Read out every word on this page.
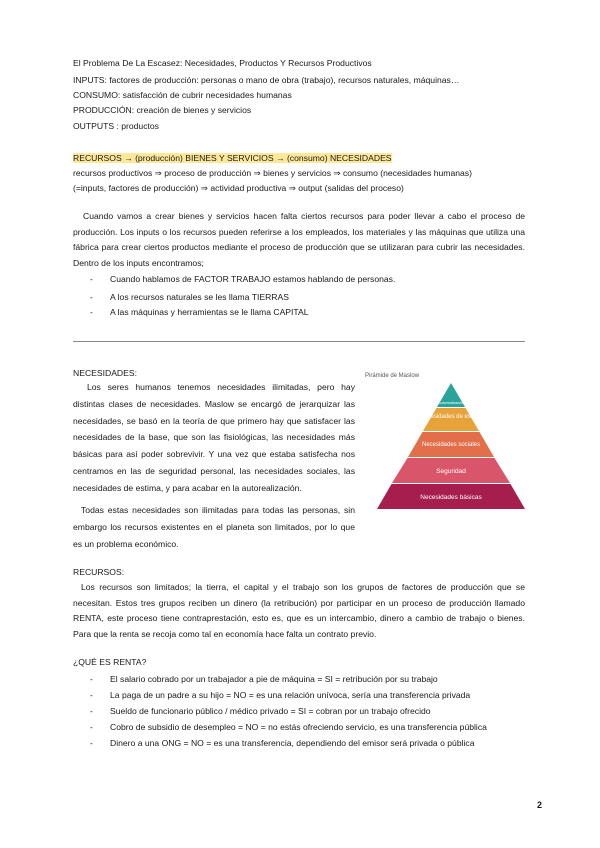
El Problema De La Escasez: Necesidades, Productos Y Recursos Productivos
INPUTS: factores de producción: personas o mano de obra (trabajo), recursos naturales, máquinas…
CONSUMO: satisfacción de cubrir necesidades humanas
PRODUCCIÓN: creación de bienes y servicios
OUTPUTS : productos
RECURSOS → (producción) BIENES Y SERVICIOS → (consumo) NECESIDADES
recursos productivos ⇒ proceso de producción ⇒ bienes y servicios ⇒ consumo (necesidades humanas)
(=inputs, factores de producción) ⇒ actividad productiva ⇒ output (salidas del proceso)
Cuando vamos a crear bienes y servicios hacen falta ciertos recursos para poder llevar a cabo el proceso de producción. Los inputs o los recursos pueden referirse a los empleados, los materiales y las máquinas que utiliza una fábrica para crear ciertos productos mediante el proceso de producción que se utilizaran para cubrir las necesidades. Dentro de los inputs encontramos;
- Cuando hablamos de FACTOR TRABAJO estamos hablando de personas.
- A los recursos naturales se les llama TIERRAS
- A las máquinas y herramientas se le llama CAPITAL
NECESIDADES:
Los seres humanos tenemos necesidades ilimitadas, pero hay distintas clases de necesidades. Maslow se encargó de jerarquizar las necesidades, se basó en la teoría de que primero hay que satisfacer las necesidades de la base, que son las fisiológicas, las necesidades más básicas para así poder sobrevivir. Y una vez que estaba satisfecha nos centramos en las de seguridad personal, las necesidades sociales, las necesidades de estima, y para acabar en la autorealización.
Todas estas necesidades son ilimitadas para todas las personas, sin embargo los recursos existentes en el planeta son limitados, por lo que es un problema económico.
Pirámide de Maslow
Autorrealización
Necesidades de estima
Necesidades sociales
Seguridad
Necesidades básicas
RECURSOS:
Los recursos son limitados; la tierra, el capital y el trabajo son los grupos de factores de producción que se necesitan. Estos tres grupos reciben un dinero (la retribución) por participar en un proceso de producción llamado RENTA, este proceso tiene contraprestación, esto es, que es un intercambio, dinero a cambio de trabajo o bienes. Para que la renta se recoja como tal en economía hace falta un contrato previo.
¿QUÉ ES RENTA?
- El salario cobrado por un trabajador a pie de máquina = SI = retribución por su trabajo
- La paga de un padre a su hijo = NO = es una relación unívoca, sería una transferencia privada
- Sueldo de funcionario público / médico privado = SI = cobran por un trabajo ofrecido
- Cobro de subsidio de desempleo = NO = no estás ofreciendo servicio, es una transferencia pública
- Dinero a una ONG = NO = es una transferencia, dependiendo del emisor será privada o pública
2
